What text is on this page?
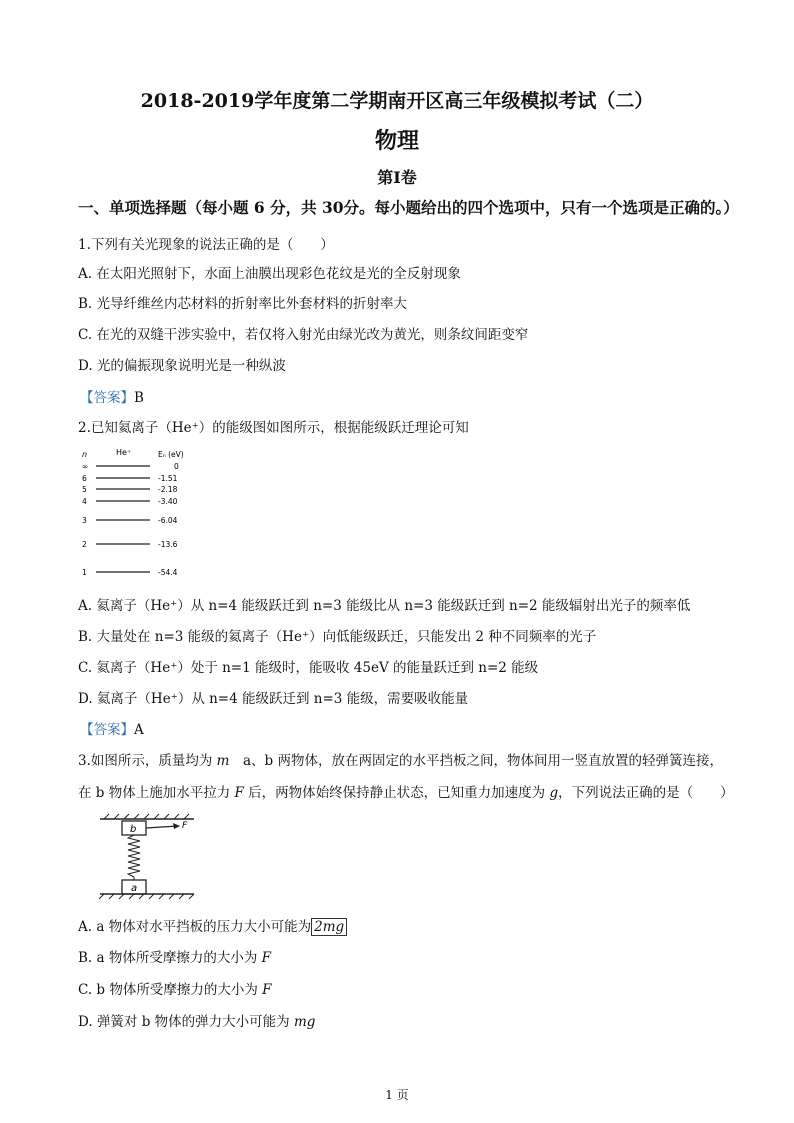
2018-2019学年度第二学期南开区高三年级模拟考试（二）
物理
第Ⅰ卷
一、单项选择题（每小题 6 分，共 30分。每小题给出的四个选项中，只有一个选项是正确的。）
1.下列有关光现象的说法正确的是（　　）
A. 在太阳光照射下，水面上油膜出现彩色花纹是光的全反射现象
B. 光导纤维丝内芯材料的折射率比外套材料的折射率大
C. 在光的双缝干涉实验中，若仅将入射光由绿光改为黄光，则条纹间距变窄
D. 光的偏振现象说明光是一种纵波
【答案】B
2.已知氦离子（He⁺）的能级图如图所示，根据能级跃迁理论可知
n	He⁺	Eₙ (eV)
∞	0
6	-1.51
5	-2.18
4	-3.40
3	-6.04
2	-13.6
1	-54.4
A. 氦离子（He⁺）从 n=4 能级跃迁到 n=3 能级比从 n=3 能级跃迁到 n=2 能级辐射出光子的频率低
B. 大量处在 n=3 能级的氦离子（He⁺）向低能级跃迁，只能发出 2 种不同频率的光子
C. 氦离子（He⁺）处于 n=1 能级时，能吸收 45eV 的能量跃迁到 n=2 能级
D. 氦离子（He⁺）从 n=4 能级跃迁到 n=3 能级，需要吸收能量
【答案】A
3.如图所示，质量均为 m　a、b 两物体，放在两固定的水平挡板之间，物体间用一竖直放置的轻弹簧连接，
在 b 物体上施加水平拉力 F 后，两物体始终保持静止状态，已知重力加速度为 g，下列说法正确的是（　　）
b	F
a
A. a 物体对水平挡板的压力大小可能为 2mg
B. a 物体所受摩擦力的大小为 F
C. b 物体所受摩擦力的大小为 F
D. 弹簧对 b 物体的弹力大小可能为 mg
1 页
